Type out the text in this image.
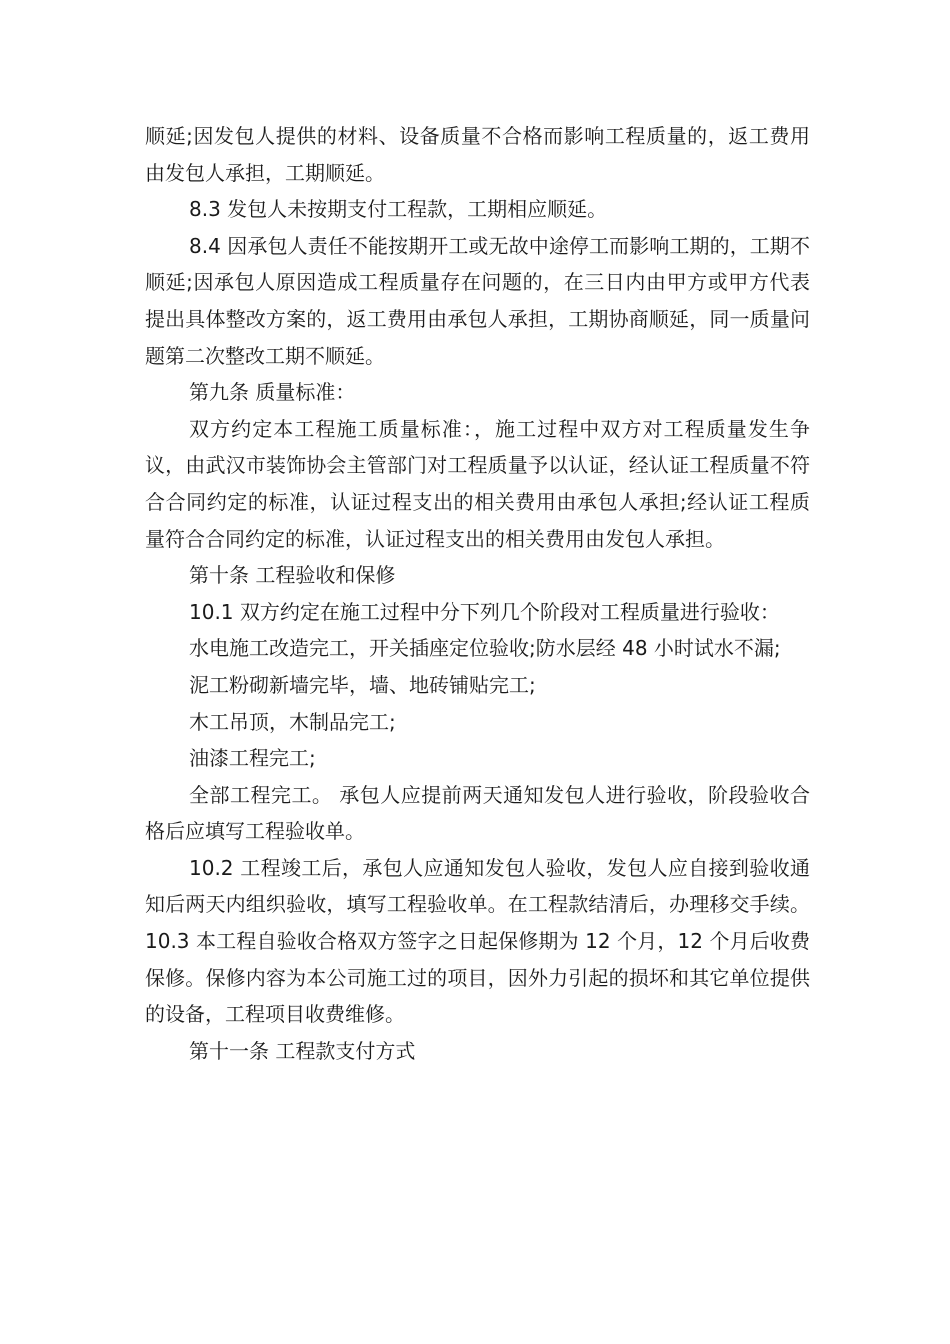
顺延;因发包人提供的材料、设备质量不合格而影响工程质量的，返工费用由发包人承担，工期顺延。

8.3 发包人未按期支付工程款，工期相应顺延。

8.4 因承包人责任不能按期开工或无故中途停工而影响工期的，工期不顺延;因承包人原因造成工程质量存在问题的，在三日内由甲方或甲方代表提出具体整改方案的，返工费用由承包人承担，工期协商顺延，同一质量问题第二次整改工期不顺延。

第九条 质量标准：

双方约定本工程施工质量标准：，施工过程中双方对工程质量发生争议，由武汉市装饰协会主管部门对工程质量予以认证，经认证工程质量不符合合同约定的标准，认证过程支出的相关费用由承包人承担;经认证工程质量符合合同约定的标准，认证过程支出的相关费用由发包人承担。

第十条 工程验收和保修

10.1 双方约定在施工过程中分下列几个阶段对工程质量进行验收：

水电施工改造完工，开关插座定位验收;防水层经 48 小时试水不漏;

泥工粉砌新墙完毕，墙、地砖铺贴完工;

木工吊顶，木制品完工;

油漆工程完工;

全部工程完工。 承包人应提前两天通知发包人进行验收，阶段验收合格后应填写工程验收单。

10.2 工程竣工后，承包人应通知发包人验收，发包人应自接到验收通知后两天内组织验收，填写工程验收单。在工程款结清后，办理移交手续。 10.3 本工程自验收合格双方签字之日起保修期为 12 个月，12 个月后收费保修。保修内容为本公司施工过的项目，因外力引起的损坏和其它单位提供的设备，工程项目收费维修。

第十一条 工程款支付方式
